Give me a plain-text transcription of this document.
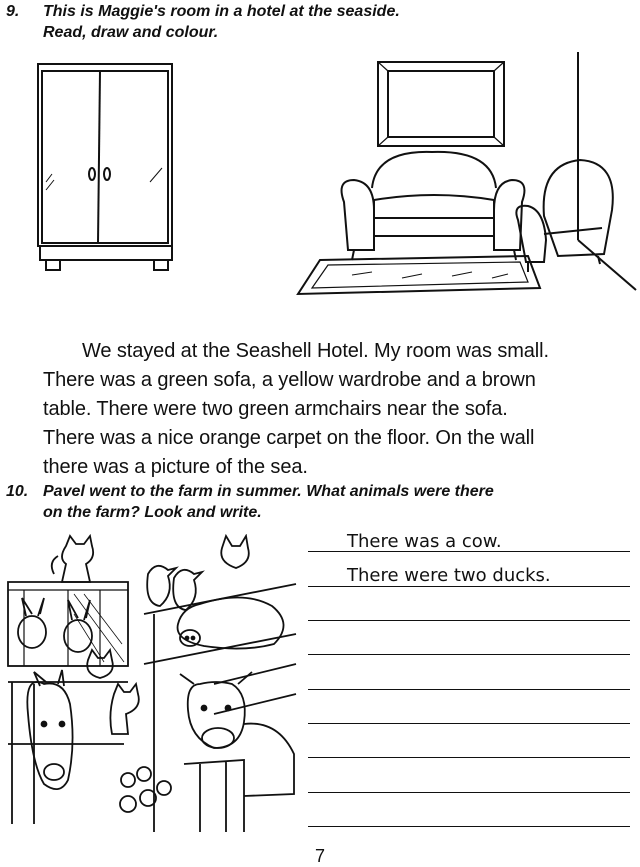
9. This is Maggie's room in a hotel at the seaside.
Read, draw and colour.

We stayed at the Seashell Hotel. My room was small.

There was a green sofa, a yellow wardrobe and a brown

table. There were two green armchairs near the sofa.

There was a nice orange carpet on the floor. On the wall

there was a picture of the sea.

10. Pavel went to the farm in summer. What animals were there
on the farm? Look and write.
There was a cow.
There were two ducks.
7
